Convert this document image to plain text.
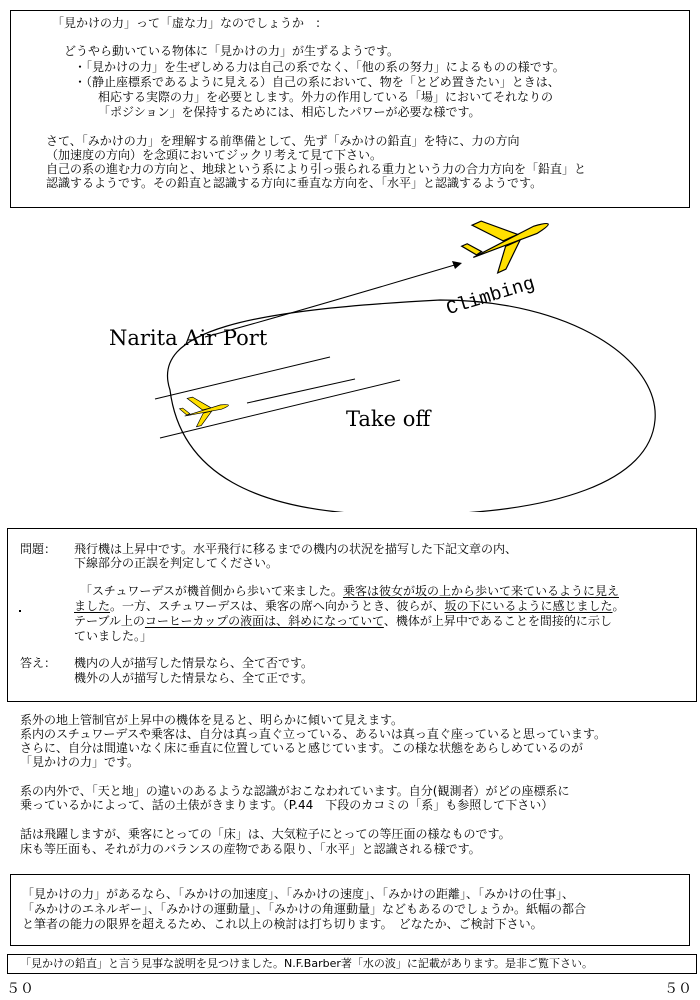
「見かけの力」って「虚な力」なのでしょうか　:

どうやら動いている物体に「見かけの力」が生ずるようです。

・「見かけの力」を生ぜしめる力は自己の系でなく、「他の系の努力」によるものの様です。

・（静止座標系であるように見える）自己の系において、物を「とどめ置きたい」ときは、

相応する実際の力」を必要とします。外力の作用している「場」においてそれなりの

「ポジション」を保持するためには、相応したパワーが必要な様です。

さて、「みかけの力」を理解する前準備として、先ず「みかけの鉛直」を特に、力の方向

（加速度の方向）を念頭においてジックリ考えて見て下さい。

自己の系の進む力の方向と、地球という系により引っ張られる重力という力の合力方向を「鉛直」と

認識するようです。その鉛直と認識する方向に垂直な方向を、「水平」と認識するようです。

Climbing

Narita Air Port

Take off

問題： 飛行機は上昇中です。水平飛行に移るまでの機内の状況を描写した下記文章の内、

下線部分の正誤を判定してください。

「スチュワーデスが機首側から歩いて来ました。乗客は彼女が坂の上から歩いて来ているように見え

ました。一方、スチュワーデスは、乗客の席へ向かうとき、彼らが、坂の下にいるように感じました。

テーブル上のコーヒーカップの液面は、斜めになっていて、機体が上昇中であることを間接的に示し

ていました。」

答え： 機内の人が描写した情景なら、全て否です。

機外の人が描写した情景なら、全て正です。

系外の地上管制官が上昇中の機体を見ると、明らかに傾いて見えます。

系内のスチュワーデスや乗客は、自分は真っ直ぐ立っている、あるいは真っ直ぐ座っていると思っています。

さらに、自分は間違いなく床に垂直に位置していると感じています。この様な状態をあらしめているのが

「見かけの力」です。

系の内外で、「天と地」の違いのあるような認識がおこなわれています。自分(観測者）がどの座標系に

乗っているかによって、話の土俵がきまります。（P.44　下段のカコミの「系」も参照して下さい）

話は飛躍しますが、乗客にとっての「床」は、大気粒子にとっての等圧面の様なものです。

床も等圧面も、それが力のバランスの産物である限り、「水平」と認識される様です。

「見かけの力」があるなら、「みかけの加速度」、「みかけの速度」、「みかけの距離」、「みかけの仕事」、

「みかけのエネルギー」、「みかけの運動量」、「みかけの角運動量」などもあるのでしょうか。紙幅の都合

と筆者の能力の限界を超えるため、これ以上の検討は打ち切ります。　どなたか、ご検討下さい。

「見かけの鉛直」と言う見事な説明を見つけました。N.F.Barber著「水の波」に記載があります。是非ご覧下さい。

５０	５０
